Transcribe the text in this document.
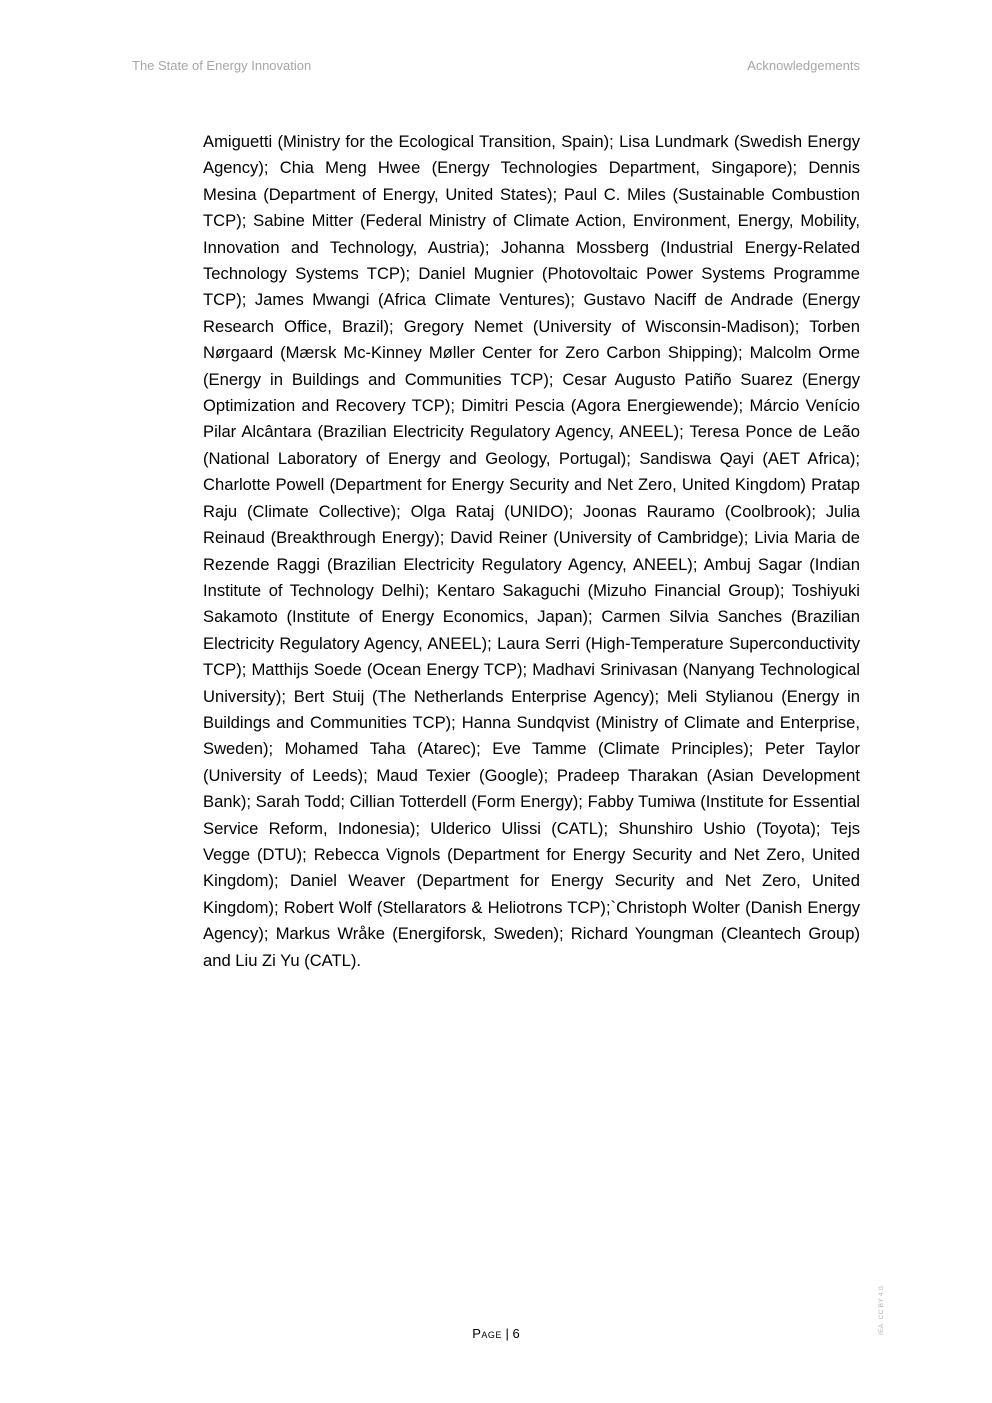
The State of Energy Innovation	Acknowledgements

Amiguetti (Ministry for the Ecological Transition, Spain); Lisa Lundmark (Swedish Energy Agency); Chia Meng Hwee (Energy Technologies Department, Singapore); Dennis Mesina (Department of Energy, United States); Paul C. Miles (Sustainable Combustion TCP); Sabine Mitter (Federal Ministry of Climate Action, Environment, Energy, Mobility, Innovation and Technology, Austria); Johanna Mossberg (Industrial Energy-Related Technology Systems TCP); Daniel Mugnier (Photovoltaic Power Systems Programme TCP); James Mwangi (Africa Climate Ventures); Gustavo Naciff de Andrade (Energy Research Office, Brazil); Gregory Nemet (University of Wisconsin-Madison); Torben Nørgaard (Mærsk Mc-Kinney Møller Center for Zero Carbon Shipping); Malcolm Orme (Energy in Buildings and Communities TCP); Cesar Augusto Patiño Suarez (Energy Optimization and Recovery TCP); Dimitri Pescia (Agora Energiewende); Márcio Venício Pilar Alcântara (Brazilian Electricity Regulatory Agency, ANEEL); Teresa Ponce de Leão (National Laboratory of Energy and Geology, Portugal); Sandiswa Qayi (AET Africa); Charlotte Powell (Department for Energy Security and Net Zero, United Kingdom) Pratap Raju (Climate Collective); Olga Rataj (UNIDO); Joonas Rauramo (Coolbrook); Julia Reinaud (Breakthrough Energy); David Reiner (University of Cambridge); Livia Maria de Rezende Raggi (Brazilian Electricity Regulatory Agency, ANEEL); Ambuj Sagar (Indian Institute of Technology Delhi); Kentaro Sakaguchi (Mizuho Financial Group); Toshiyuki Sakamoto (Institute of Energy Economics, Japan); Carmen Silvia Sanches (Brazilian Electricity Regulatory Agency, ANEEL); Laura Serri (High-Temperature Superconductivity TCP); Matthijs Soede (Ocean Energy TCP); Madhavi Srinivasan (Nanyang Technological University); Bert Stuij (The Netherlands Enterprise Agency); Meli Stylianou (Energy in Buildings and Communities TCP); Hanna Sundqvist (Ministry of Climate and Enterprise, Sweden); Mohamed Taha (Atarec); Eve Tamme (Climate Principles); Peter Taylor (University of Leeds); Maud Texier (Google); Pradeep Tharakan (Asian Development Bank); Sarah Todd; Cillian Totterdell (Form Energy); Fabby Tumiwa (Institute for Essential Service Reform, Indonesia); Ulderico Ulissi (CATL); Shunshiro Ushio (Toyota); Tejs Vegge (DTU); Rebecca Vignols (Department for Energy Security and Net Zero, United Kingdom); Daniel Weaver (Department for Energy Security and Net Zero, United Kingdom); Robert Wolf (Stellarators & Heliotrons TCP);`Christoph Wolter (Danish Energy Agency); Markus Wråke (Energiforsk, Sweden); Richard Youngman (Cleantech Group) and Liu Zi Yu (CATL).

Page | 6	IEA. CC BY 4.0.
